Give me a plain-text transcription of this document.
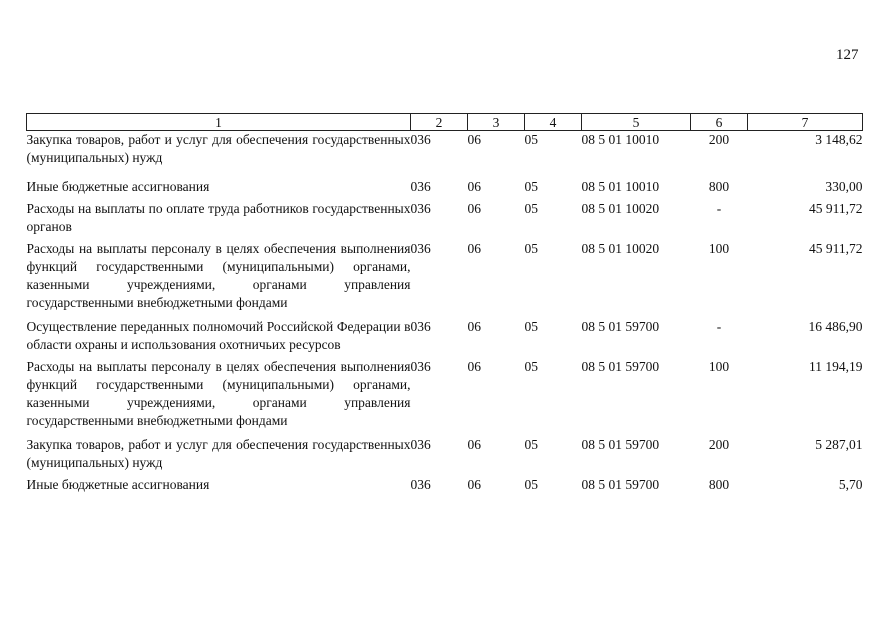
127
1	2	3	4	5	6	7
Закупка товаров, работ и услуг для обеспечения государственных (муниципальных) нужд	036	06	05	08 5 01 10010	200	3 148,62
Иные бюджетные ассигнования	036	06	05	08 5 01 10010	800	330,00
Расходы на выплаты по оплате труда работников государственных органов	036	06	05	08 5 01 10020	-	45 911,72
Расходы на выплаты персоналу в целях обеспечения выполнения функций государственными (муниципальными) органами, казенными учреждениями, органами управления государственными внебюджетными фондами	036	06	05	08 5 01 10020	100	45 911,72
Осуществление переданных полномочий Российской Федерации в области охраны и использования охотничьих ресурсов	036	06	05	08 5 01 59700	-	16 486,90
Расходы на выплаты персоналу в целях обеспечения выполнения функций государственными (муниципальными) органами, казенными учреждениями, органами управления государственными внебюджетными фондами	036	06	05	08 5 01 59700	100	11 194,19
Закупка товаров, работ и услуг для обеспечения государственных (муниципальных) нужд	036	06	05	08 5 01 59700	200	5 287,01
Иные бюджетные ассигнования	036	06	05	08 5 01 59700	800	5,70
